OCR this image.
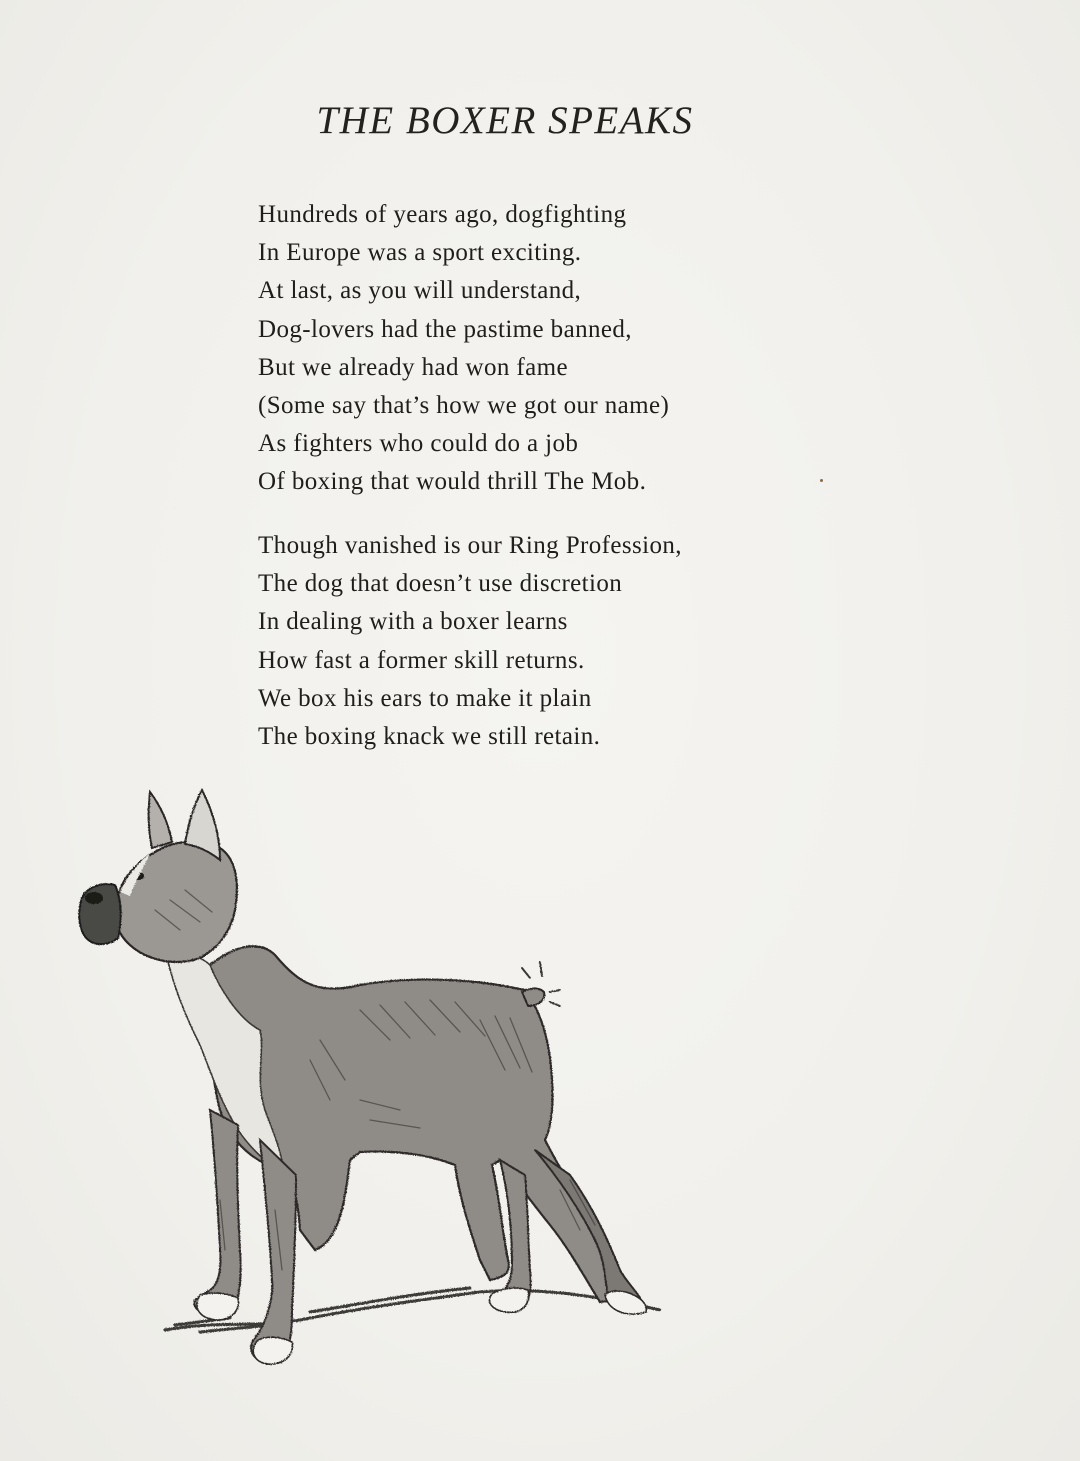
THE BOXER SPEAKS
Hundreds of years ago, dogfighting
In Europe was a sport exciting.
At last, as you will understand,
Dog-lovers had the pastime banned,
But we already had won fame
(Some say that’s how we got our name)
As fighters who could do a job
Of boxing that would thrill The Mob.
Though vanished is our Ring Profession,
The dog that doesn’t use discretion
In dealing with a boxer learns
How fast a former skill returns.
We box his ears to make it plain
The boxing knack we still retain.
